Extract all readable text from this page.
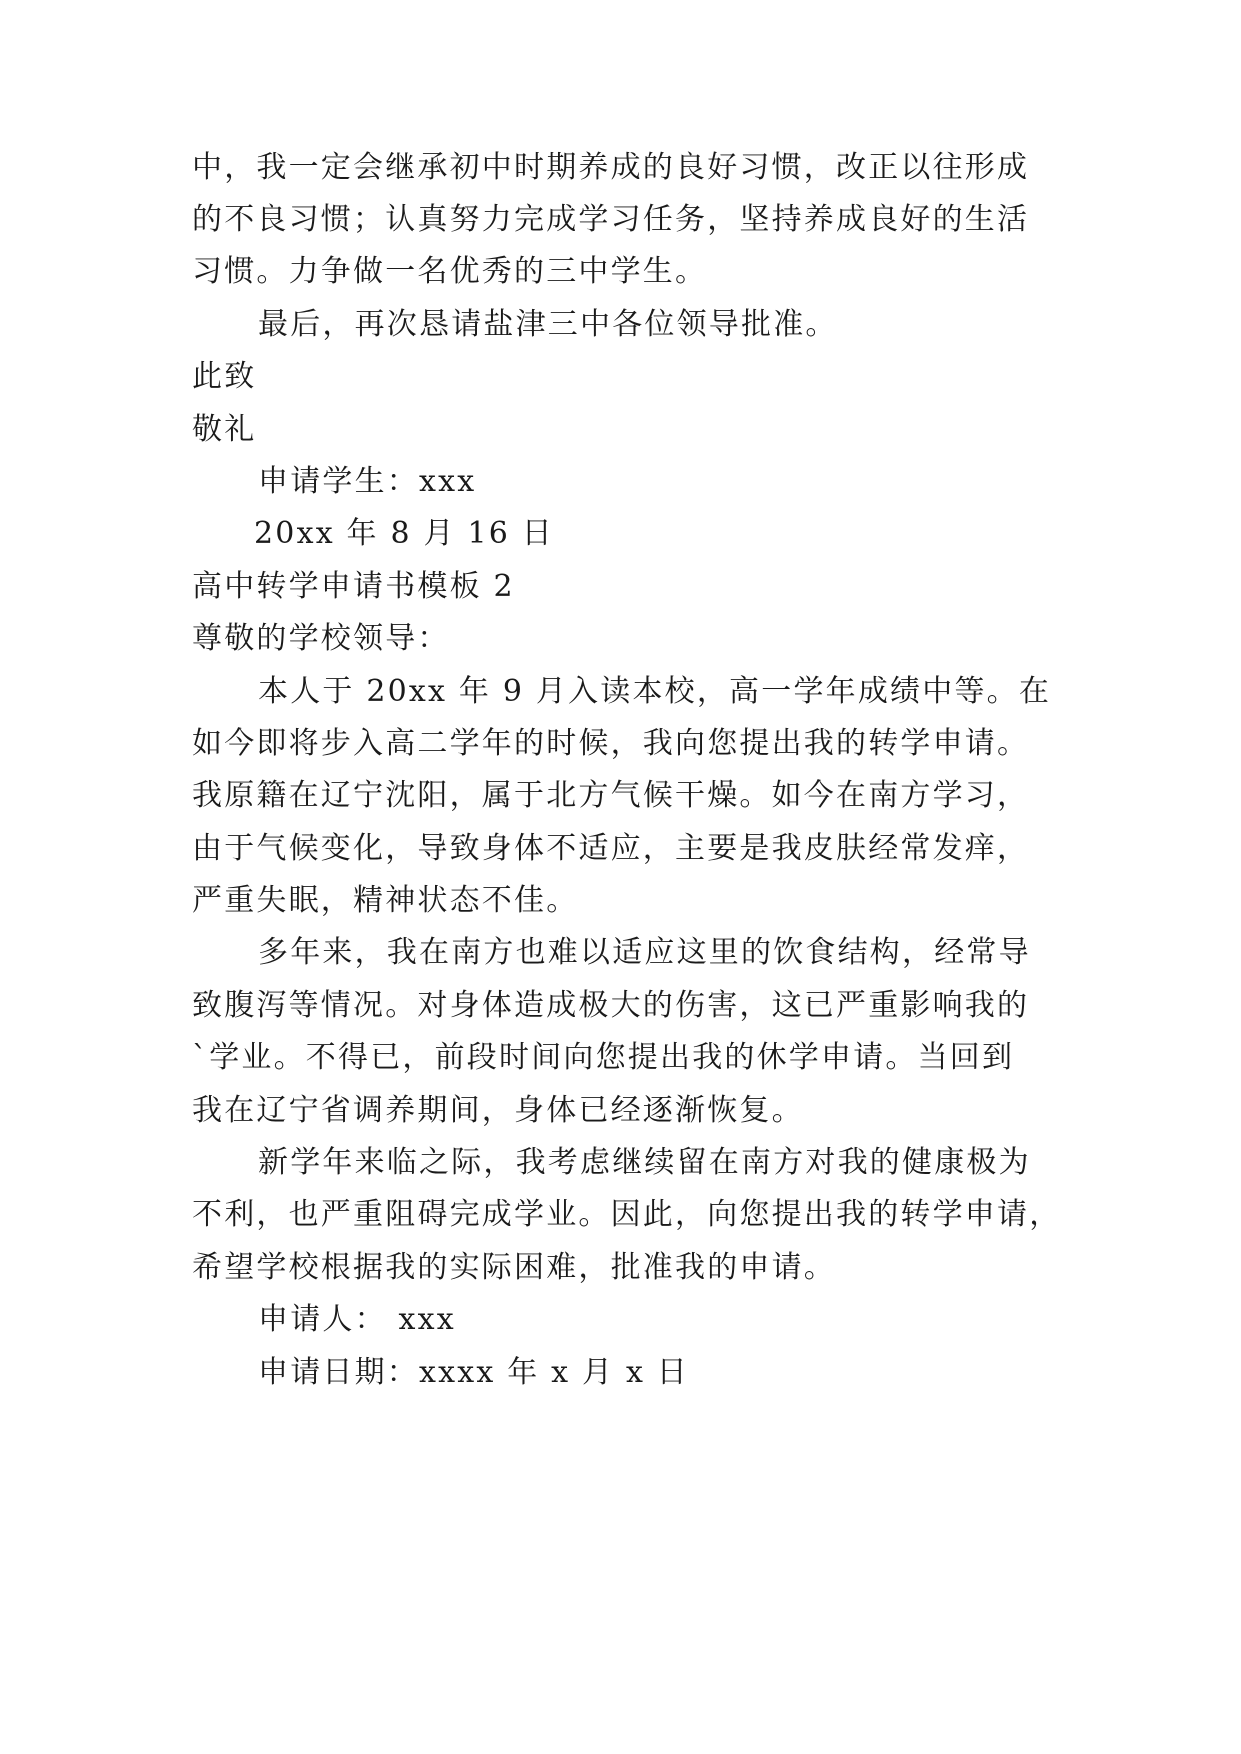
中，我一定会继承初中时期养成的良好习惯，改正以往形成
的不良习惯；认真努力完成学习任务，坚持养成良好的生活
习惯。力争做一名优秀的三中学生。
最后，再次恳请盐津三中各位领导批准。
此致
敬礼
申请学生：xxx
20xx 年 8 月 16 日
高中转学申请书模板 2
尊敬的学校领导：
本人于 20xx 年 9 月入读本校，高一学年成绩中等。在
如今即将步入高二学年的时候，我向您提出我的转学申请。
我原籍在辽宁沈阳，属于北方气候干燥。如今在南方学习，
由于气候变化，导致身体不适应，主要是我皮肤经常发痒，
严重失眠，精神状态不佳。
多年来，我在南方也难以适应这里的饮食结构，经常导
致腹泻等情况。对身体造成极大的伤害，这已严重影响我的
`学业。不得已，前段时间向您提出我的休学申请。当回到
我在辽宁省调养期间，身体已经逐渐恢复。
新学年来临之际，我考虑继续留在南方对我的健康极为
不利，也严重阻碍完成学业。因此，向您提出我的转学申请，
希望学校根据我的实际困难，批准我的申请。
申请人： xxx
申请日期：xxxx 年 x 月 x 日
